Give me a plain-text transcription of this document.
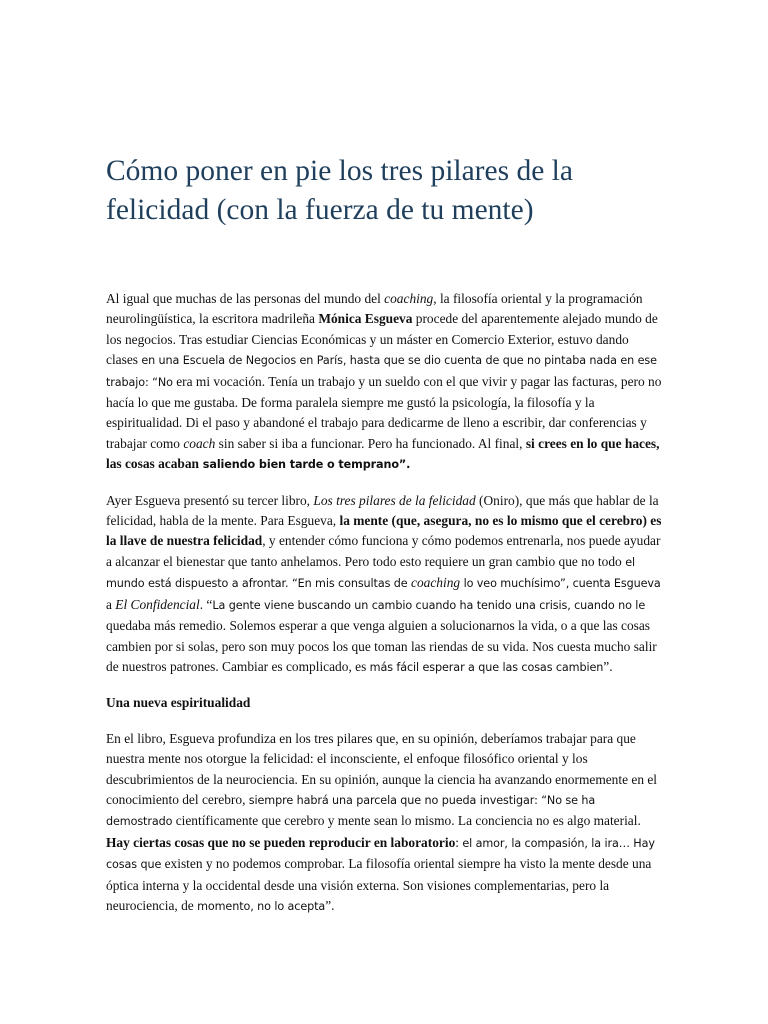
Cómo poner en pie los tres pilares de la felicidad (con la fuerza de tu mente)

Al igual que muchas de las personas del mundo del coaching, la filosofía oriental y la programación neurolingüística, la escritora madrileña Mónica Esgueva procede del aparentemente alejado mundo de los negocios. Tras estudiar Ciencias Económicas y un máster en Comercio Exterior, estuvo dando clases en una Escuela de Negocios en París, hasta que se dio cuenta de que no pintaba nada en ese trabajo: “No era mi vocación. Tenía un trabajo y un sueldo con el que vivir y pagar las facturas, pero no hacía lo que me gustaba. De forma paralela siempre me gustó la psicología, la filosofía y la espiritualidad. Di el paso y abandoné el trabajo para dedicarme de lleno a escribir, dar conferencias y trabajar como coach sin saber si iba a funcionar. Pero ha funcionado. Al final, si crees en lo que haces, las cosas acaban saliendo bien tarde o temprano”.

Ayer Esgueva presentó su tercer libro, Los tres pilares de la felicidad (Oniro), que más que hablar de la felicidad, habla de la mente. Para Esgueva, la mente (que, asegura, no es lo mismo que el cerebro) es la llave de nuestra felicidad, y entender cómo funciona y cómo podemos entrenarla, nos puede ayudar a alcanzar el bienestar que tanto anhelamos. Pero todo esto requiere un gran cambio que no todo el mundo está dispuesto a afrontar. “En mis consultas de coaching lo veo muchísimo”, cuenta Esgueva a El Confidencial. “La gente viene buscando un cambio cuando ha tenido una crisis, cuando no le quedaba más remedio. Solemos esperar a que venga alguien a solucionarnos la vida, o a que las cosas cambien por si solas, pero son muy pocos los que toman las riendas de su vida. Nos cuesta mucho salir de nuestros patrones. Cambiar es complicado, es más fácil esperar a que las cosas cambien”.

Una nueva espiritualidad

En el libro, Esgueva profundiza en los tres pilares que, en su opinión, deberíamos trabajar para que nuestra mente nos otorgue la felicidad: el inconsciente, el enfoque filosófico oriental y los descubrimientos de la neurociencia. En su opinión, aunque la ciencia ha avanzando enormemente en el conocimiento del cerebro, siempre habrá una parcela que no pueda investigar: “No se ha demostrado científicamente que cerebro y mente sean lo mismo. La conciencia no es algo material. Hay ciertas cosas que no se pueden reproducir en laboratorio: el amor, la compasión, la ira… Hay cosas que existen y no podemos comprobar. La filosofía oriental siempre ha visto la mente desde una óptica interna y la occidental desde una visión externa. Son visiones complementarias, pero la neurociencia, de momento, no lo acepta”.
